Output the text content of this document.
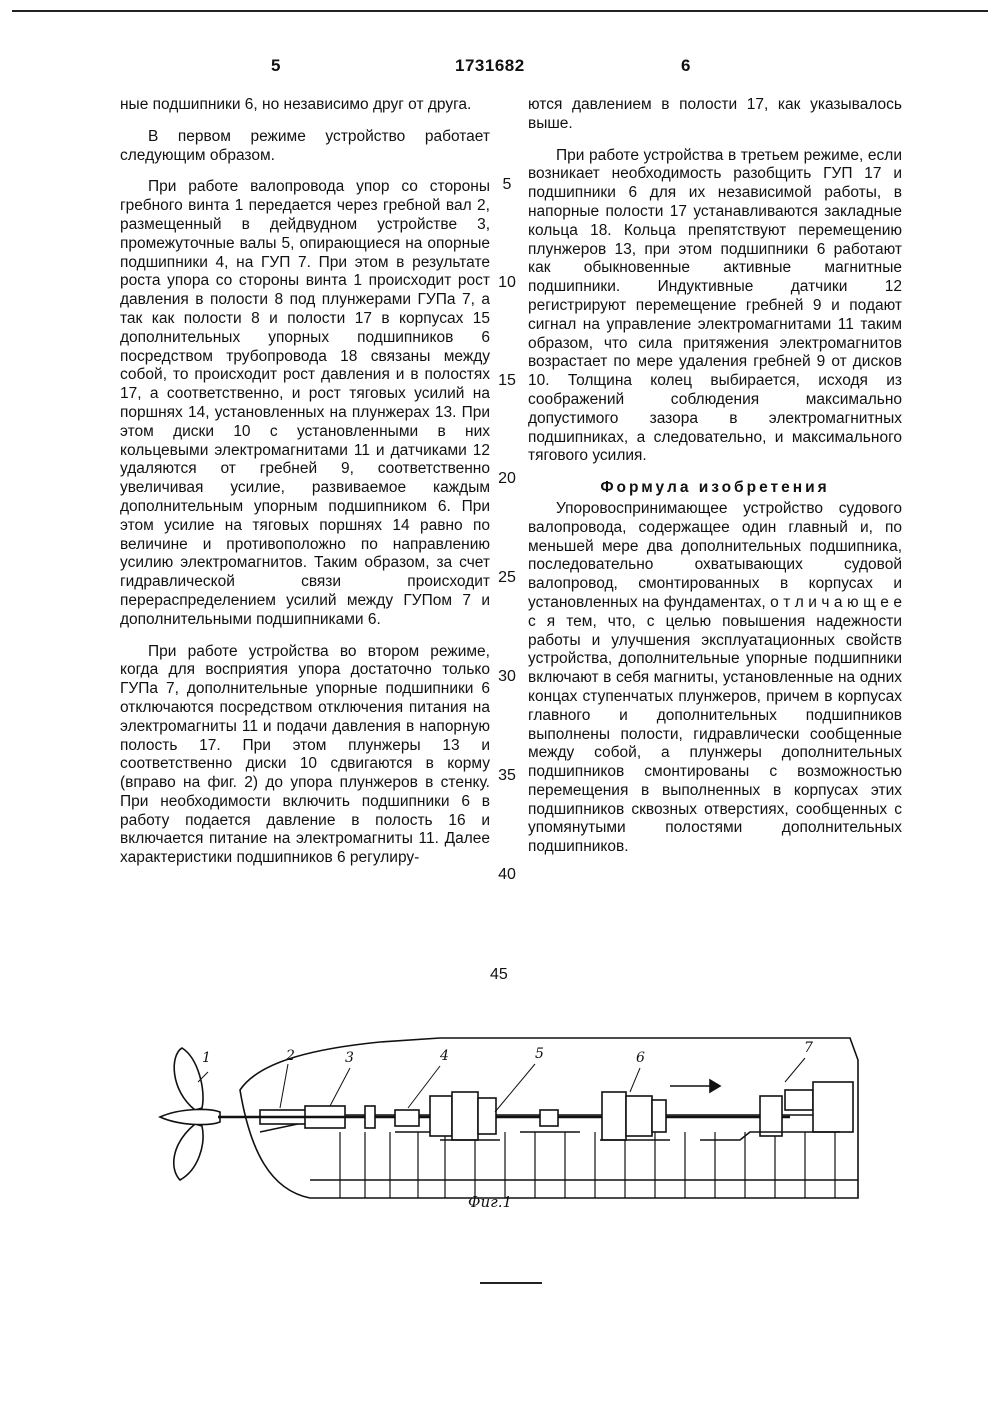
5	1731682	6

ные подшипники 6, но независимо друг от друга.

В первом режиме устройство работает следующим образом.

При работе валопровода упор со стороны гребного винта 1 передается через гребной вал 2, размещенный в дейдвудном устройстве 3, промежуточные валы 5, опирающиеся на опорные подшипники 4, на ГУП 7. При этом в результате роста упора со стороны винта 1 происходит рост давления в полости 8 под плунжерами ГУПа 7, а так как полости 8 и полости 17 в корпусах 15 дополнительных упорных подшипников 6 посредством трубопровода 18 связаны между собой, то происходит рост давления и в полостях 17, а соответственно, и рост тяговых усилий на поршнях 14, установленных на плунжерах 13. При этом диски 10 с установленными в них кольцевыми электромагнитами 11 и датчиками 12 удаляются от гребней 9, соответственно увеличивая усилие, развиваемое каждым дополнительным упорным подшипником 6. При этом усилие на тяговых поршнях 14 равно по величине и противоположно по направлению усилию электромагнитов. Таким образом, за счет гидравлической связи происходит перераспределением усилий между ГУПом 7 и дополнительными подшипниками 6.

При работе устройства во втором режиме, когда для восприятия упора достаточно только ГУПа 7, дополнительные упорные подшипники 6 отключаются посредством отключения питания на электромагниты 11 и подачи давления в напорную полость 17. При этом плунжеры 13 и соответственно диски 10 сдвигаются в корму (вправо на фиг. 2) до упора плунжеров в стенку. При необходимости включить подшипники 6 в работу подается давление в полость 16 и включается питание на электромагниты 11. Далее характеристики подшипников 6 регулиру-

5
10
15
20
25
30
35
40

ются давлением в полости 17, как указывалось выше.

При работе устройства в третьем режиме, если возникает необходимость разобщить ГУП 17 и подшипники 6 для их независимой работы, в напорные полости 17 устанавливаются закладные кольца 18. Кольца препятствуют перемещению плунжеров 13, при этом подшипники 6 работают как обыкновенные активные магнитные подшипники. Индуктивные датчики 12 регистрируют перемещение гребней 9 и подают сигнал на управление электромагнитами 11 таким образом, что сила притяжения электромагнитов возрастает по мере удаления гребней 9 от дисков 10. Толщина колец выбирается, исходя из соображений соблюдения максимально допустимого зазора в электромагнитных подшипниках, а следовательно, и максимального тягового усилия.

Формула изобретения

Упоровоспринимающее устройство судового валопровода, содержащее один главный и, по меньшей мере два дополнительных подшипника, последовательно охватывающих судовой валопровод, смонтированных в корпусах и установленных на фундаментах, о т л и ч а ю щ е е с я тем, что, с целью повышения надежности работы и улучшения эксплуатационных свойств устройства, дополнительные упорные подшипники включают в себя магниты, установленные на одних концах ступенчатых плунжеров, причем в корпусах главного и дополнительных подшипников выполнены полости, гидравлически сообщенные между собой, а плунжеры дополнительных подшипников смонтированы с возможностью перемещения в выполненных в корпусах этих подшипников сквозных отверстиях, сообщенных с упомянутыми полостями дополнительных подшипников.

45
1	2	3	4	5	6
7
Фиг.1
